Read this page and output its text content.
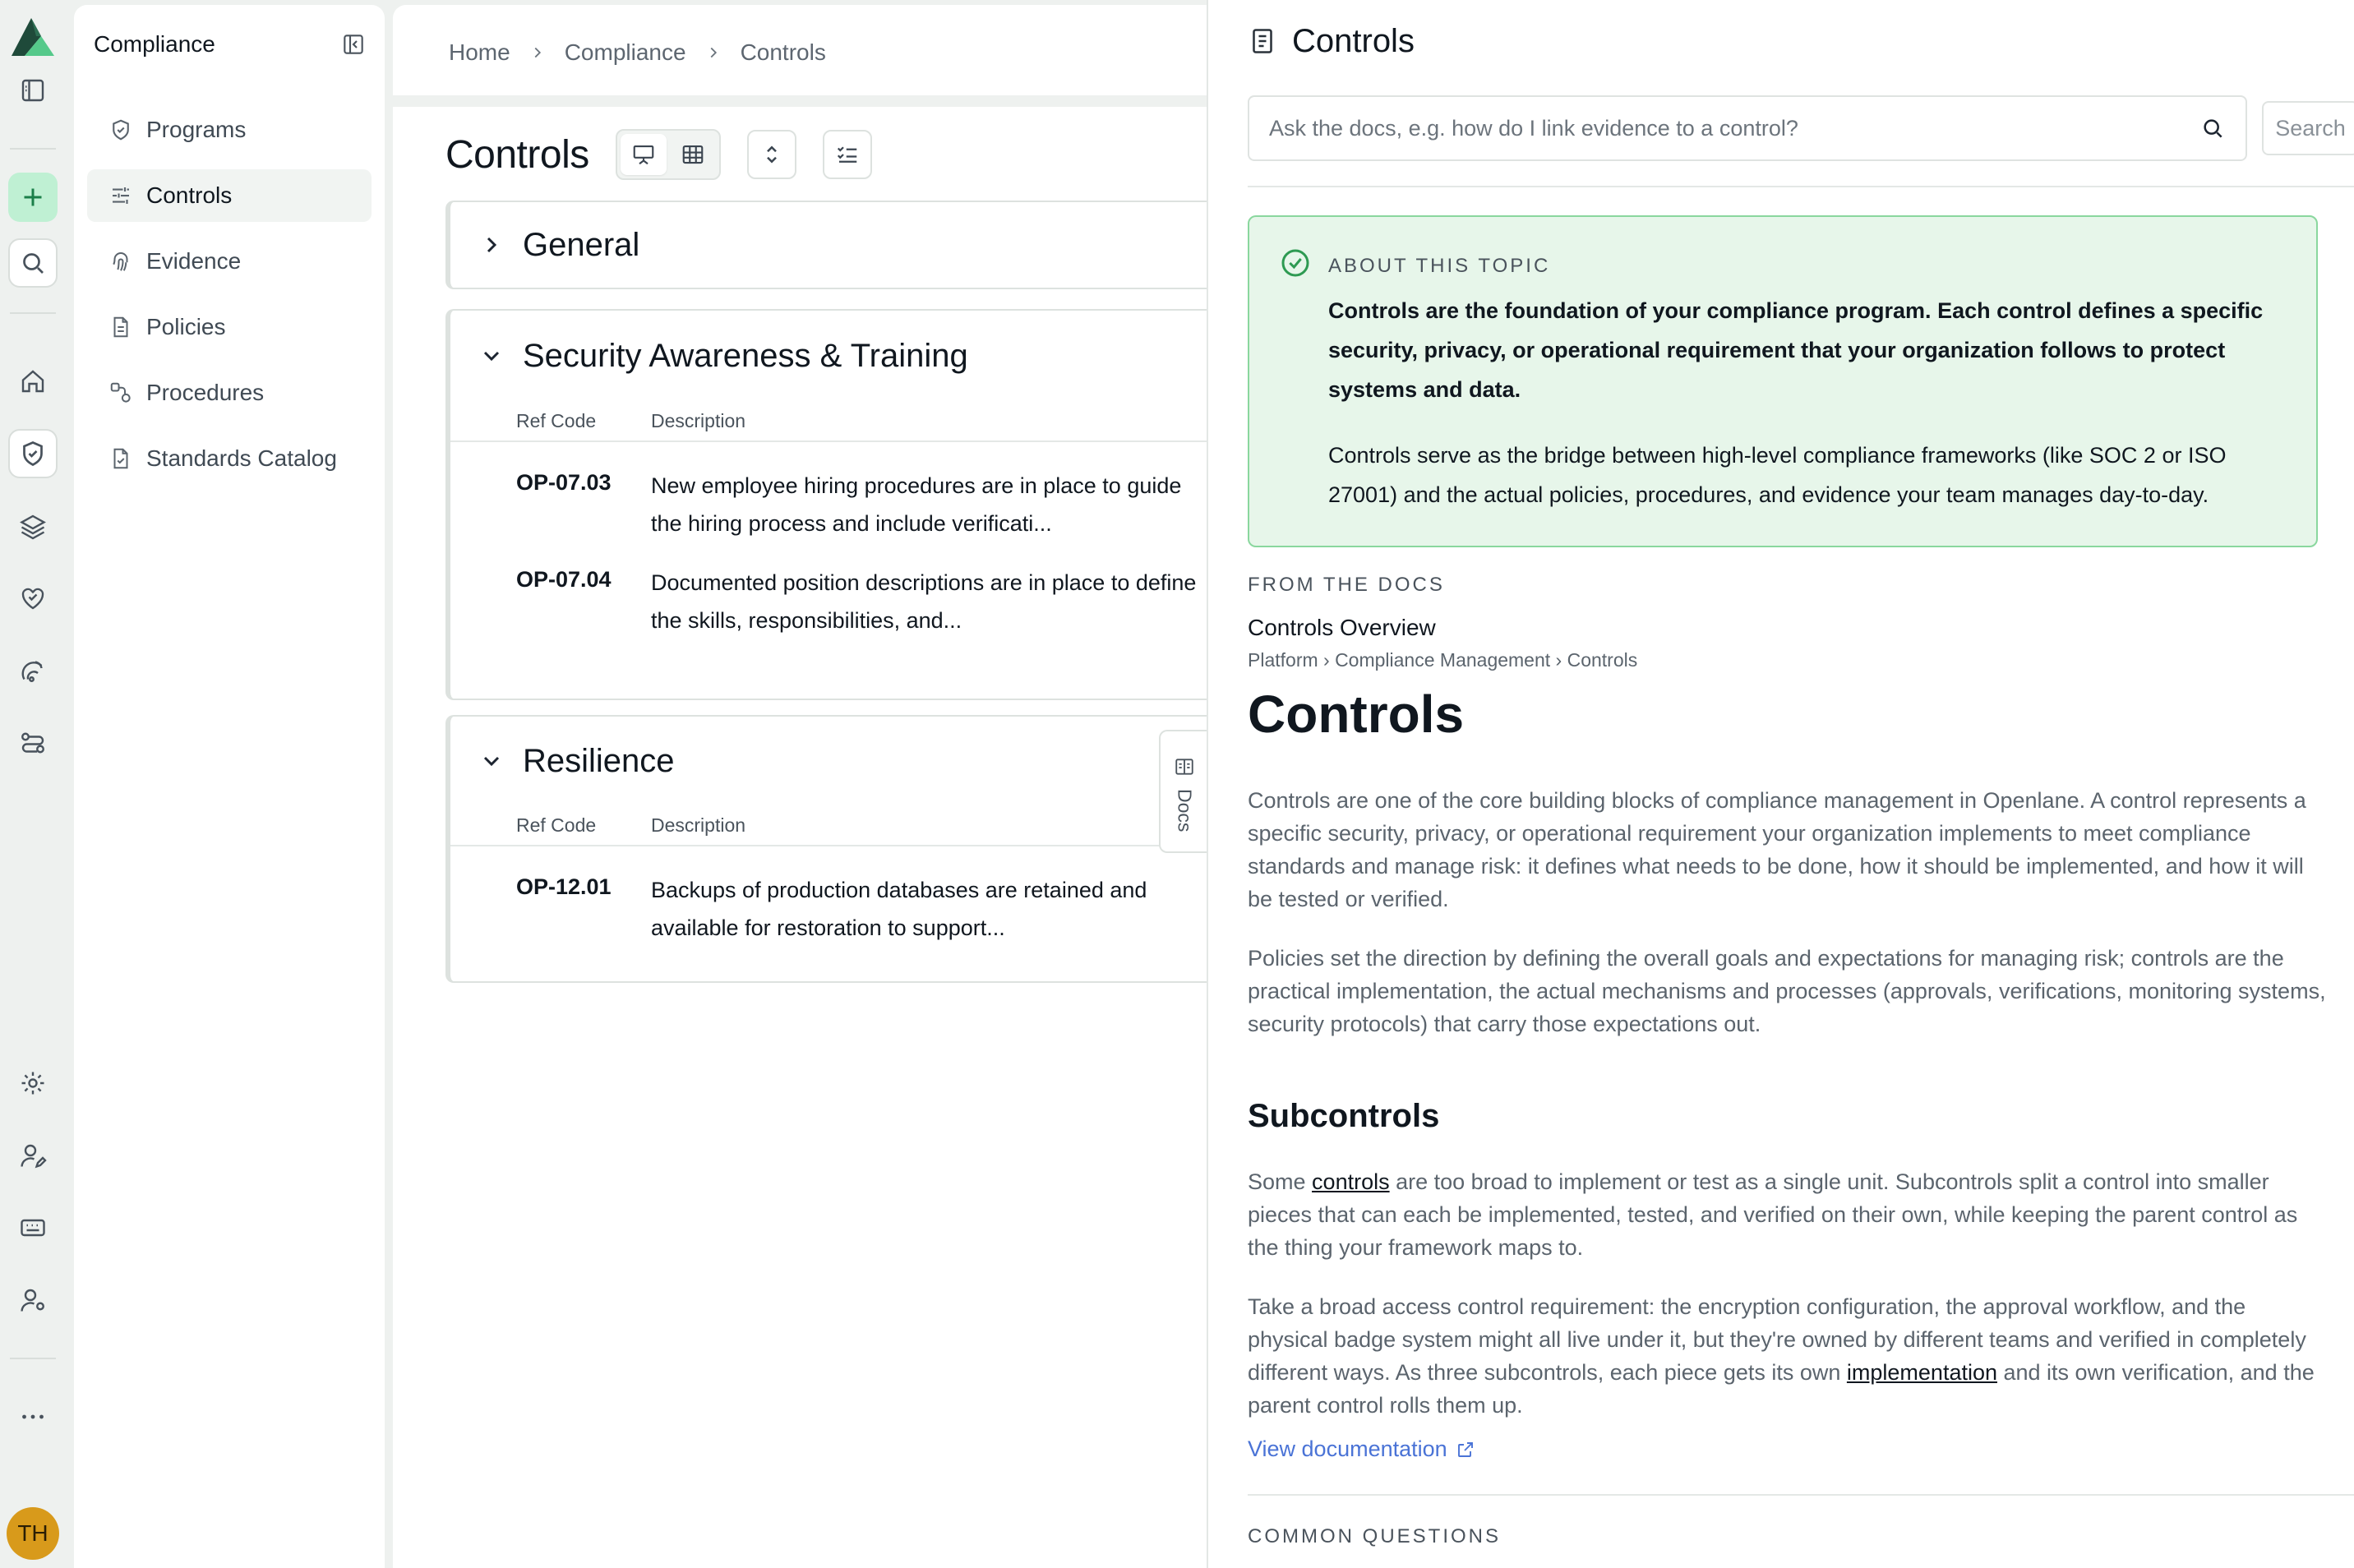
TH
Compliance
Programs
Controls
Evidence
Policies
Procedures
Standards Catalog
Home Compliance Controls
Controls
General
Security Awareness & Training
Ref Code	Description
OP-07.03	New employee hiring procedures are in place to guide the hiring process and include verificati...
OP-07.04	Documented position descriptions are in place to define the skills, responsibilities, and...
Resilience
Ref Code	Description
OP-12.01	Backups of production databases are retained and available for restoration to support...
Docs
Controls
Ask the docs, e.g. how do I link evidence to a control?
Search
ABOUT THIS TOPIC

Controls are the foundation of your compliance program. Each control defines a specific security, privacy, or operational requirement that your organization follows to protect systems and data.

Controls serve as the bridge between high-level compliance frameworks (like SOC 2 or ISO 27001) and the actual policies, procedures, and evidence your team manages day-to-day.

FROM THE DOCS
Controls Overview
Platform › Compliance Management › Controls
Controls

Controls are one of the core building blocks of compliance management in Openlane. A control represents a specific security, privacy, or operational requirement your organization implements to meet compliance standards and manage risk: it defines what needs to be done, how it should be implemented, and how it will be tested or verified.

Policies set the direction by defining the overall goals and expectations for managing risk; controls are the practical implementation, the actual mechanisms and processes (approvals, verifications, monitoring systems, security protocols) that carry those expectations out.

Subcontrols

Some controls are too broad to implement or test as a single unit. Subcontrols split a control into smaller pieces that can each be implemented, tested, and verified on their own, while keeping the parent control as the thing your framework maps to.

Take a broad access control requirement: the encryption configuration, the approval workflow, and the physical badge system might all live under it, but they're owned by different teams and verified in completely different ways. As three subcontrols, each piece gets its own implementation and its own verification, and the parent control rolls them up.

View documentation
COMMON QUESTIONS
